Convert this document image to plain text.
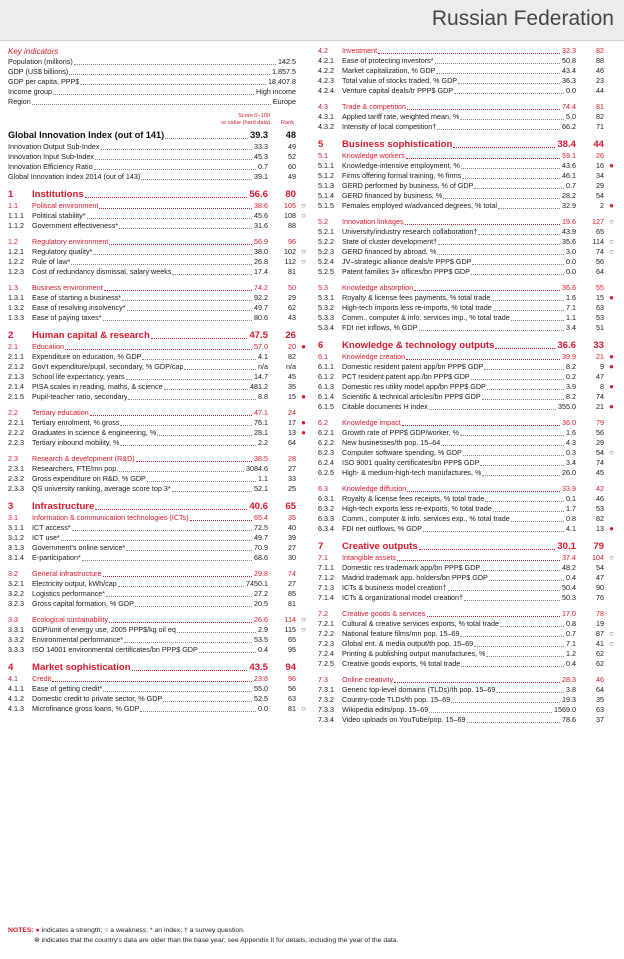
Russian Federation
Key indicators
Population (millions)	142.5
GDP (US$ billions)	1,857.5
GDP per capita, PPP$	18,407.8
Income group	High income
Region	Europe
Score 0–100
or value (hard data) Rank
Global Innovation Index (out of 141)	39.3	48
Innovation Output Sub-Index	33.3	49
Innovation Input Sub-Index	45.3	52
Innovation Efficiency Ratio	0.7	60
Global Innovation Index 2014 (out of 143)	39.1	49
1	Institutions	56.6	80
1.1	Political environment	38.6	105 ○
1.1.1	Political stability*	45.6	108 ○
1.1.2	Government effectiveness*	31.6	88
1.2	Regulatory environment	56.9	96
1.2.1	Regulatory quality*	38.0	102 ○
1.2.2	Rule of law*	26.8	112 ○
1.2.3	Cost of redundancy dismissal, salary weeks	17.4	81
1.3	Business environment	74.2	50
1.3.1	Ease of starting a business*	92.2	29
1.3.2	Ease of resolving insolvency*	49.7	62
1.3.3	Ease of paying taxes*	80.6	43
2	Human capital & research	47.5	26
2.1	Education	57.0	20 ●
2.1.1	Expenditure on education, % GDP	4.1	82
2.1.2	Gov't expenditure/pupil, secondary, % GDP/cap	n/a	n/a
2.1.3	School life expectancy, years	14.7	45
2.1.4	PISA scales in reading, maths, & science	481.2	35
2.1.5	Pupil-teacher ratio, secondary	8.8	15 ●
2.2	Tertiary education	47.1	24
2.2.1	Tertiary enrolment, % gross	76.1	17 ●
2.2.2	Graduates in science & engineering, %	28.1	13 ●
2.2.3	Tertiary inbound mobility, %	2.2	64
2.3	Research & development (R&D)	38.5	28
2.3.1	Researchers, FTE/mn pop.	3084.6	27
2.3.2	Gross expenditure on R&D, % GDP	1.1	33
2.3.3	QS university ranking, average score top 3*	52.1	25
3	Infrastructure	40.6	65
3.1	Information & communication technologies (ICTs)	65.4	35
3.1.1	ICT access*	72.5	40
3.1.2	ICT use*	49.7	39
3.1.3	Government's online service*	70.9	27
3.1.4	E-participation*	68.6	30
3.2	General infrastructure	29.8	74
3.2.1	Electricity output, kWh/cap	7450.1	27
3.2.2	Logistics performance*	27.2	85
3.2.3	Gross capital formation, % GDP	20.5	81
3.3	Ecological sustainability	26.6	114 ○
3.3.1	GDP/unit of energy use, 2005 PPP$/kg oil eq	2.9	115 ○
3.3.2	Environmental performance*	53.5	65
3.3.3	ISO 14001 environmental certificates/bn PPP$ GDP	0.4	95
4	Market sophistication	43.5	94
4.1	Credit	23.8	96
4.1.1	Ease of getting credit*	55.0	56
4.1.2	Domestic credit to private sector, % GDP	52.5	63
4.1.3	Microfinance gross loans, % GDP	0.0	81 ○
4.2	Investment	32.3	82
4.2.1	Ease of protecting investors*	50.8	88
4.2.2	Market capitalization, % GDP	43.4	46
4.2.3	Total value of stocks traded, % GDP	36.3	23
4.2.4	Venture capital deals/tr PPP$ GDP	0.0	44
4.3	Trade & competition	74.4	81
4.3.1	Applied tariff rate, weighted mean, %	5.0	82
4.3.2	Intensity of local competition†	66.2	71
5	Business sophistication	38.4	44
5.1	Knowledge workers	59.1	26
5.1.1	Knowledge-intensive employment, %	43.6	16 ●
5.1.2	Firms offering formal training, % firms	46.1	34
5.1.3	GERD performed by business, % of GDP	0.7	29
5.1.4	GERD financed by business, %	28.2	54
5.1.5	Females employed w/advanced degrees, % total	32.9	2 ●
5.2	Innovation linkages	19.6	127 ○
5.2.1	University/industry research collaboration†	43.9	65
5.2.2	State of cluster development†	35.6	114 ○
5.2.3	GERD financed by abroad, %	3.0	74 ○
5.2.4	JV–strategic alliance deals/tr PPP$ GDP	0.0	56
5.2.5	Patent families 3+ offices/bn PPP$ GDP	0.0	64
5.3	Knowledge absorption	36.6	55
5.3.1	Royalty & license fees payments, % total trade	1.6	15 ●
5.3.2	High-tech imports less re-imports, % total trade	7.1	63
5.3.3	Comm., computer & info. services imp., % total trade	1.1	53
5.3.4	FDI net inflows, % GDP	3.4	51
6	Knowledge & technology outputs	36.6	33
6.1	Knowledge creation	39.9	21 ●
6.1.1	Domestic resident patent app/bn PPP$ GDP	8.2	9 ●
6.1.2	PCT resident patent app./bn PPP$ GDP	0.2	47
6.1.3	Domestic res utility model app/bn PPP$ GDP	3.9	8 ●
6.1.4	Scientific & technical articles/bn PPP$ GDP	8.2	74
6.1.5	Citable documents H index	355.0	21 ●
6.2	Knowledge impact	36.0	79
6.2.1	Growth rate of PPP$ GDP/worker, %	1.6	56
6.2.2	New businesses/th pop. 15–64	4.3	29
6.2.3	Computer software spending, % GDP	0.3	54 ○
6.2.4	ISO 9001 quality certificates/bn PPP$ GDP	3.4	74
6.2.5	High- & medium-high-tech manufactures, %	26.0	45
6.3	Knowledge diffusion	33.9	42
6.3.1	Royalty & license fees receipts, % total trade	0.1	46
6.3.2	High-tech exports less re-exports, % total trade	1.7	53
6.3.3	Comm., computer & info. services exp., % total trade	0.8	82
6.3.4	FDI net outflows, % GDP	4.1	13 ●
7	Creative outputs	30.1	79
7.1	Intangible assets	37.4	104 ○
7.1.1	Domestic res trademark app/bn PPP$ GDP	48.2	54
7.1.2	Madrid trademark app. holders/bn PPP$ GDP	0.4	47
7.1.3	ICTs & business model creation†	50.4	90
7.1.4	ICTs & organizational model creation†	50.3	76
7.2	Creative goods & services	17.0	78
7.2.1	Cultural & creative services exports, % total trade	0.8	19
7.2.2	National feature films/mn pop. 15–69	0.7	87 ○
7.2.3	Global ent. & media output/th pop. 15–69	7.1	41 ○
7.2.4	Printing & publishing output manufactures, %	1.2	62
7.2.5	Creative goods exports, % total trade	0.4	62
7.3	Online creativity	28.3	46
7.3.1	Generic top-level domains (TLDs)/th pop. 15–69	3.8	64
7.3.2	Country-code TLDs/th pop. 15–69	19.3	35
7.3.3	Wikipedia edits/pop. 15–69	1569.0	63
7.3.4	Video uploads on YouTube/pop. 15–69	78.6	37
NOTES: ● indicates a strength; ○ a weakness; * an index; † a survey question.
⊛ indicates that the country's data are older than the base year; see Appendix II for details, including the year of the data.
